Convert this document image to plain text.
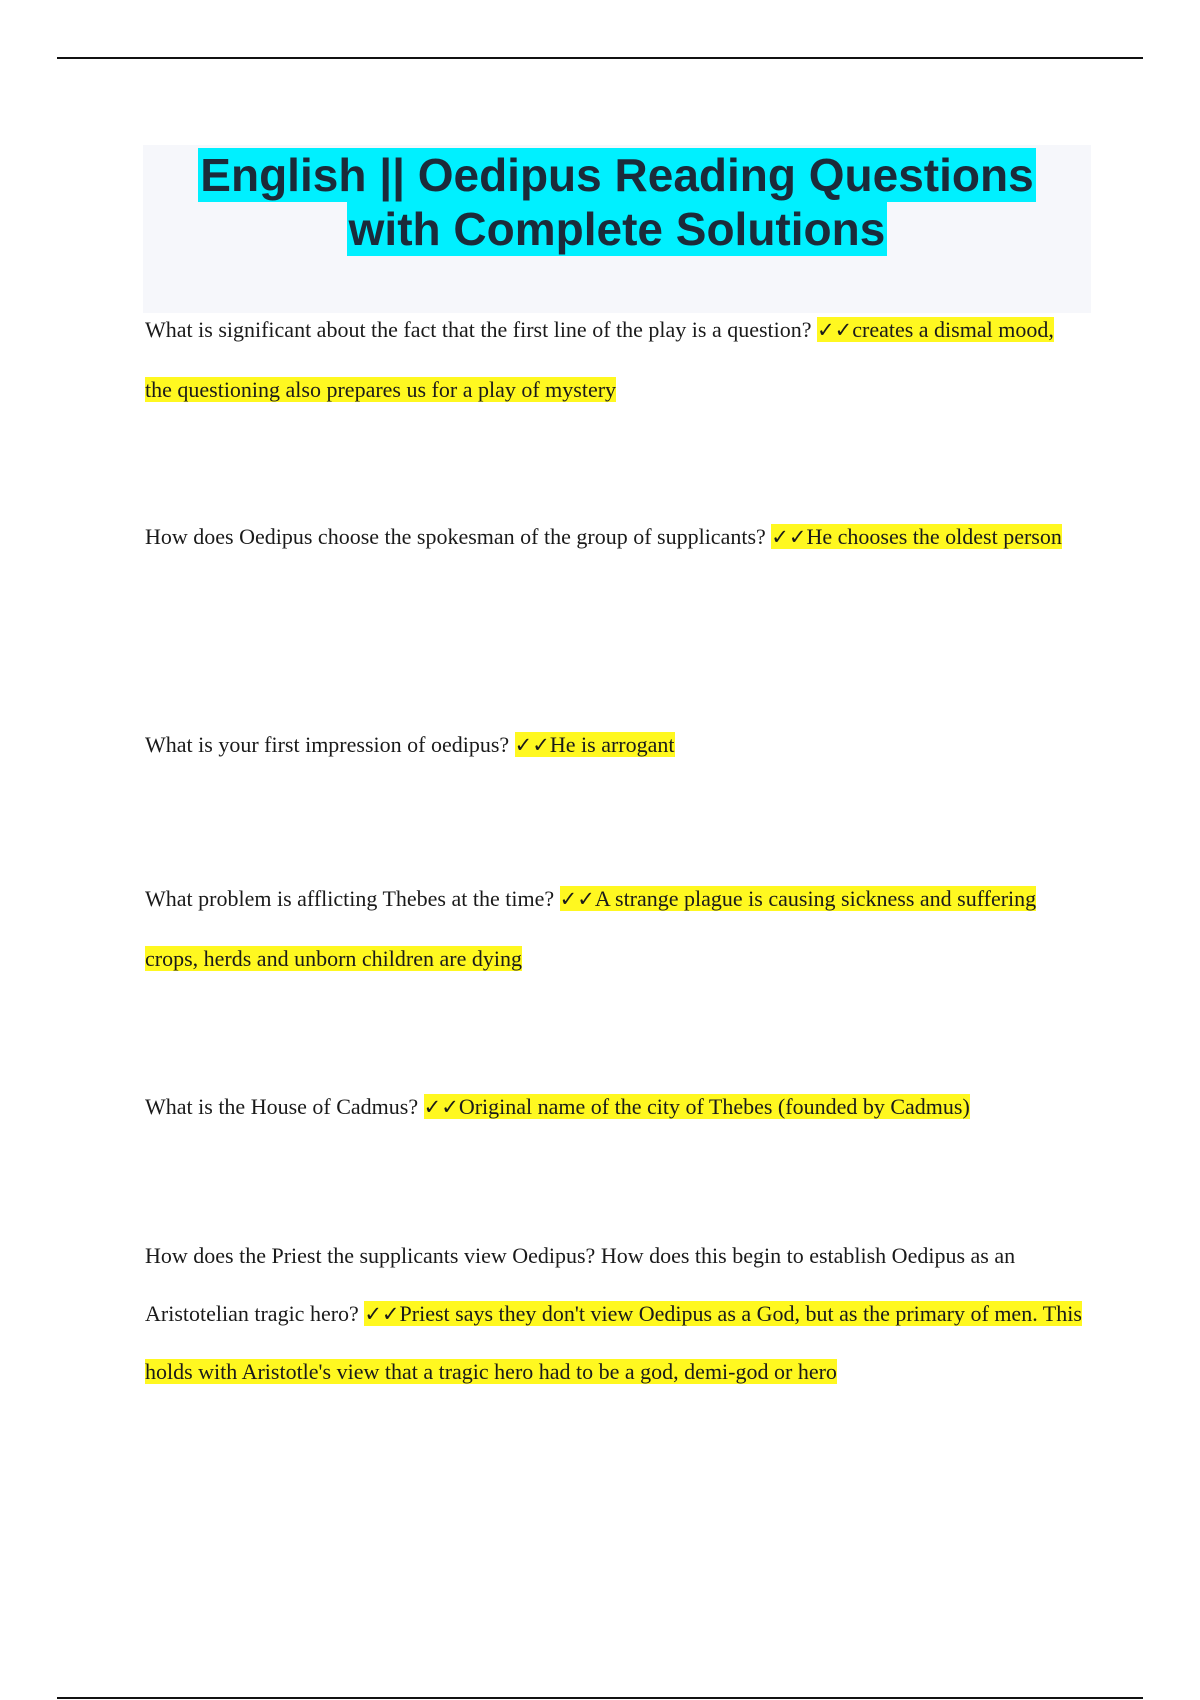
English || Oedipus Reading Questions
with Complete Solutions

What is significant about the fact that the first line of the play is a question? ✓✓creates a dismal mood, the questioning also prepares us for a play of mystery

How does Oedipus choose the spokesman of the group of supplicants? ✓✓He chooses the oldest person

What is your first impression of oedipus? ✓✓He is arrogant

What problem is afflicting Thebes at the time? ✓✓A strange plague is causing sickness and suffering crops, herds and unborn children are dying

What is the House of Cadmus? ✓✓Original name of the city of Thebes (founded by Cadmus)

How does the Priest the supplicants view Oedipus? How does this begin to establish Oedipus as an Aristotelian tragic hero? ✓✓Priest says they don't view Oedipus as a God, but as the primary of men. This holds with Aristotle's view that a tragic hero had to be a god, demi-god or hero
